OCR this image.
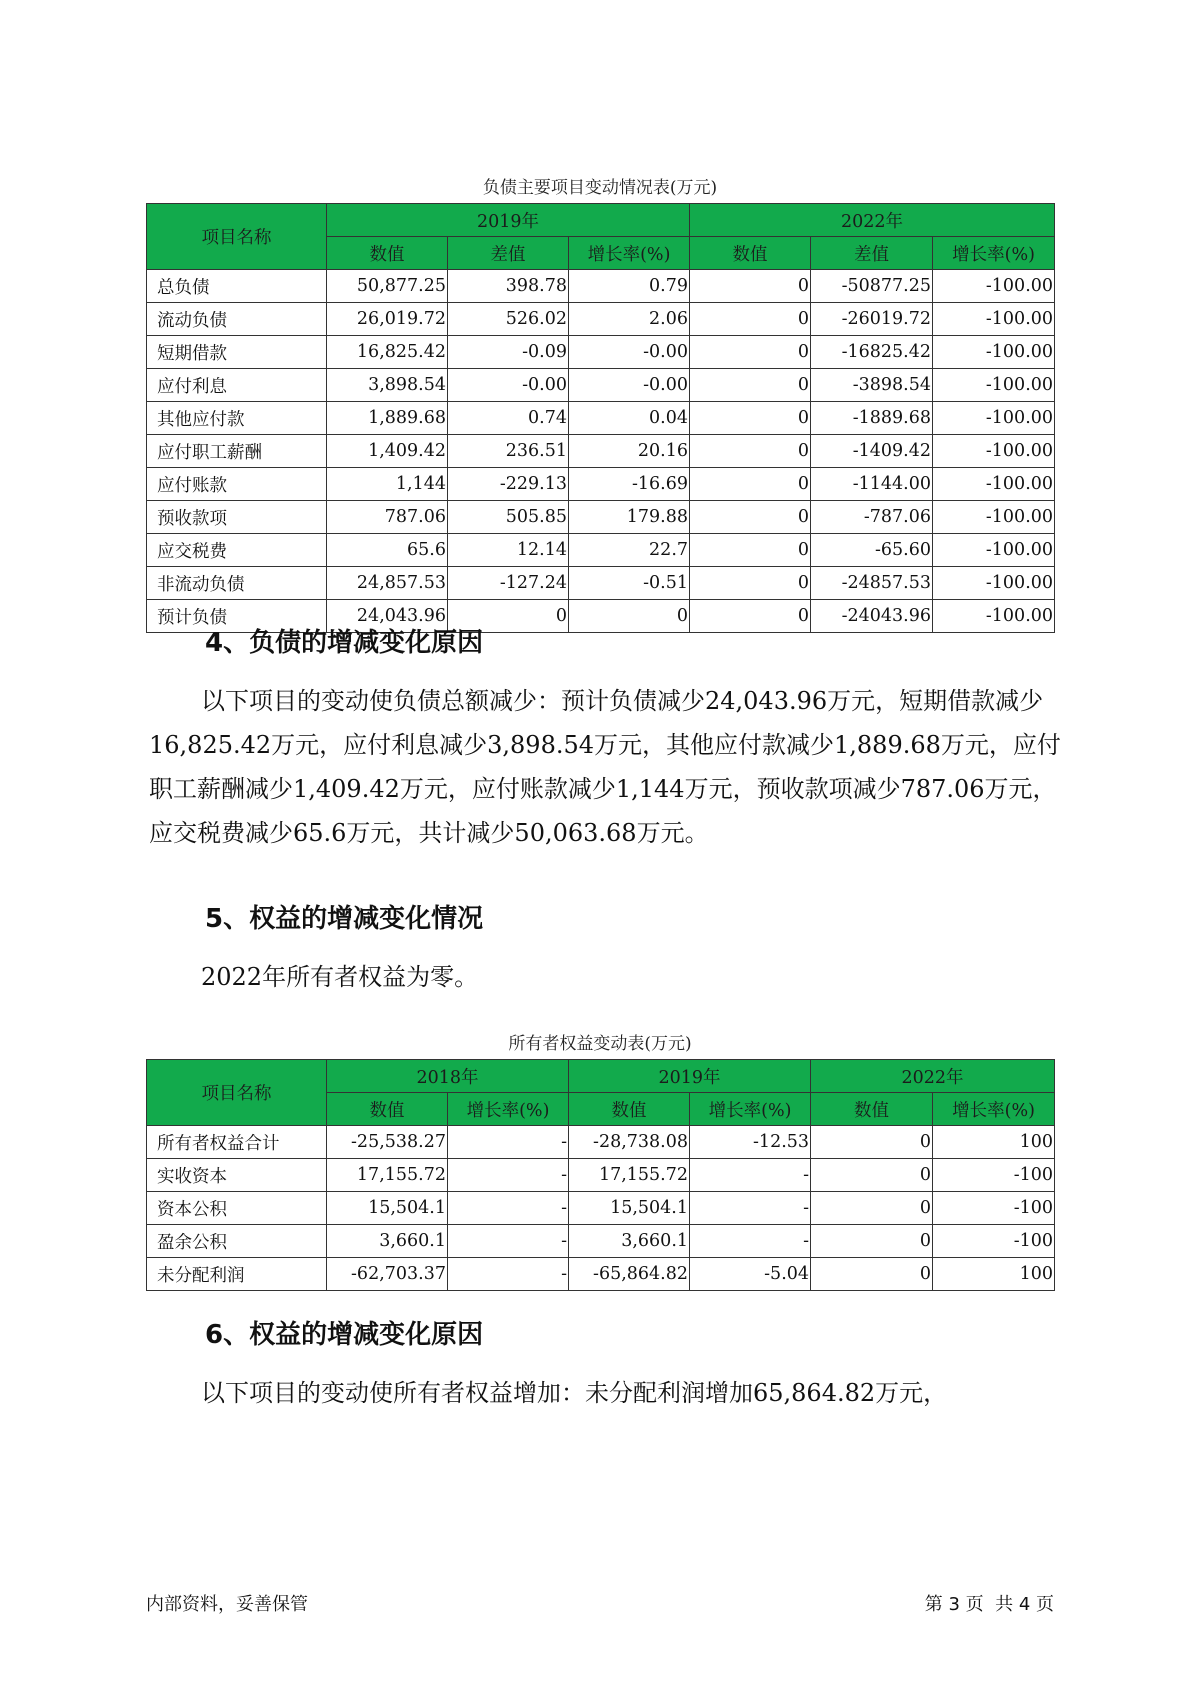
负债主要项目变动情况表(万元)
项目名称	2019年			2022年		
	数值	差值	增长率(%)	数值	差值	增长率(%)
总负债	50,877.25	398.78	0.79	0	-50877.25	-100.00
流动负债	26,019.72	526.02	2.06	0	-26019.72	-100.00
短期借款	16,825.42	-0.09	-0.00	0	-16825.42	-100.00
应付利息	3,898.54	-0.00	-0.00	0	-3898.54	-100.00
其他应付款	1,889.68	0.74	0.04	0	-1889.68	-100.00
应付职工薪酬	1,409.42	236.51	20.16	0	-1409.42	-100.00
应付账款	1,144	-229.13	-16.69	0	-1144.00	-100.00
预收款项	787.06	505.85	179.88	0	-787.06	-100.00
应交税费	65.6	12.14	22.7	0	-65.60	-100.00
非流动负债	24,857.53	-127.24	-0.51	0	-24857.53	-100.00
预计负债	24,043.96	0	0	0	-24043.96	-100.00
4、负债的增减变化原因
以下项目的变动使负债总额减少：预计负债减少24,043.96万元，短期借款减少16,825.42万元，应付利息减少3,898.54万元，其他应付款减少1,889.68万元，应付职工薪酬减少1,409.42万元，应付账款减少1,144万元，预收款项减少787.06万元，应交税费减少65.6万元，共计减少50,063.68万元。
5、权益的增减变化情况
2022年所有者权益为零。
所有者权益变动表(万元)
项目名称	2018年		2019年		2022年	
	数值	增长率(%)	数值	增长率(%)	数值	增长率(%)
所有者权益合计	-25,538.27	-	-28,738.08	-12.53	0	100
实收资本	17,155.72	-	17,155.72	-	0	-100
资本公积	15,504.1	-	15,504.1	-	0	-100
盈余公积	3,660.1	-	3,660.1	-	0	-100
未分配利润	-62,703.37	-	-65,864.82	-5.04	0	100
6、权益的增减变化原因
以下项目的变动使所有者权益增加：未分配利润增加65,864.82万元，
内部资料，妥善保管	第 3 页  共 4 页
